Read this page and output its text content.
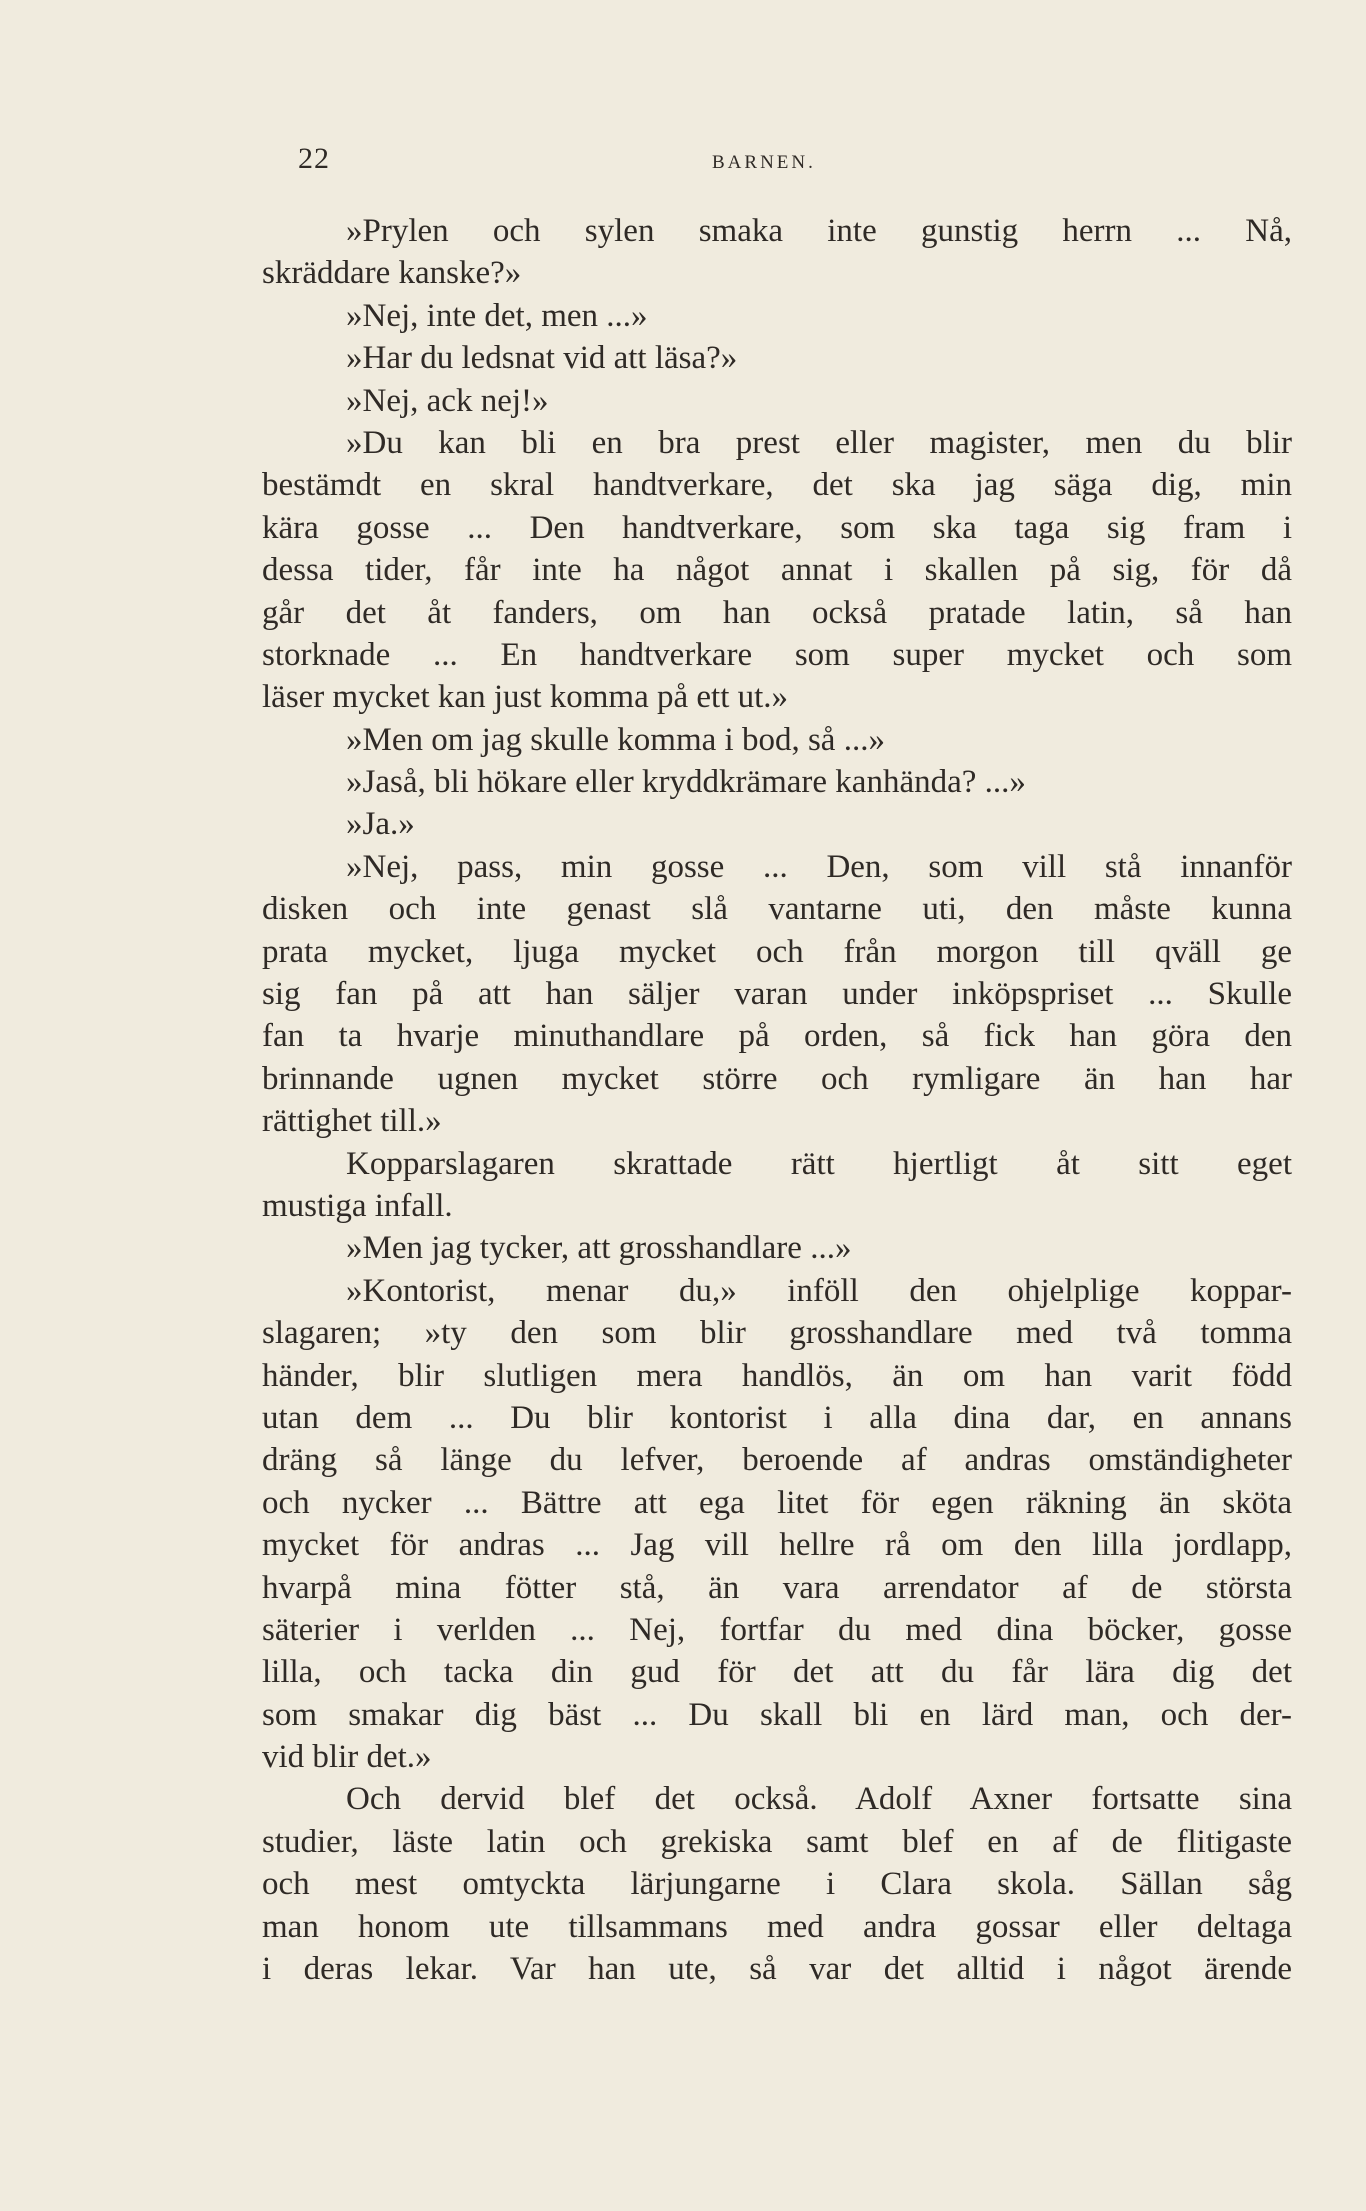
22	BARNEN.
»Prylen och sylen smaka inte gunstig herrn ... Nå,
skräddare kanske?»
»Nej, inte det, men ...»
»Har du ledsnat vid att läsa?»
»Nej, ack nej!»
»Du kan bli en bra prest eller magister, men du blir
bestämdt en skral handtverkare, det ska jag säga dig, min
kära gosse ... Den handtverkare, som ska taga sig fram i
dessa tider, får inte ha något annat i skallen på sig, för då
går det åt fanders, om han också pratade latin, så han
storknade ... En handtverkare som super mycket och som
läser mycket kan just komma på ett ut.»
»Men om jag skulle komma i bod, så ...»
»Jaså, bli hökare eller kryddkrämare kanhända? ...»
»Ja.»
»Nej, pass, min gosse ... Den, som vill stå innanför
disken och inte genast slå vantarne uti, den måste kunna
prata mycket, ljuga mycket och från morgon till qväll ge
sig fan på att han säljer varan under inköpspriset ... Skulle
fan ta hvarje minuthandlare på orden, så fick han göra den
brinnande ugnen mycket större och rymligare än han har
rättighet till.»
Kopparslagaren skrattade rätt hjertligt åt sitt eget
mustiga infall.
»Men jag tycker, att grosshandlare ...»
»Kontorist, menar du,» inföll den ohjelplige koppar-
slagaren; »ty den som blir grosshandlare med två tomma
händer, blir slutligen mera handlös, än om han varit född
utan dem ... Du blir kontorist i alla dina dar, en annans
dräng så länge du lefver, beroende af andras omständigheter
och nycker ... Bättre att ega litet för egen räkning än sköta
mycket för andras ... Jag vill hellre rå om den lilla jordlapp,
hvarpå mina fötter stå, än vara arrendator af de största
säterier i verlden ... Nej, fortfar du med dina böcker, gosse
lilla, och tacka din gud för det att du får lära dig det
som smakar dig bäst ... Du skall bli en lärd man, och der-
vid blir det.»
Och dervid blef det också. Adolf Axner fortsatte sina
studier, läste latin och grekiska samt blef en af de flitigaste
och mest omtyckta lärjungarne i Clara skola. Sällan såg
man honom ute tillsammans med andra gossar eller deltaga
i deras lekar. Var han ute, så var det alltid i något ärende
